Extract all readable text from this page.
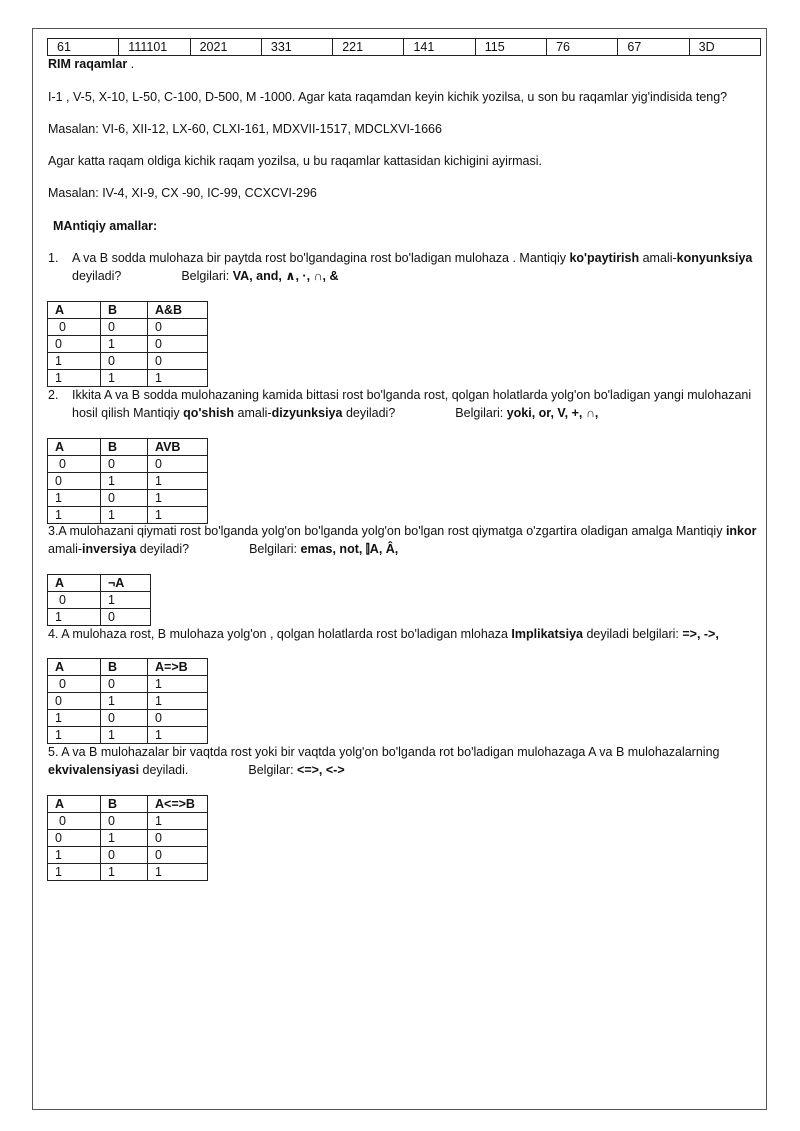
61	111101	2021	331	221	141	115	76	67	3D

RIM raqamlar .

I-1 , V-5, X-10, L-50, C-100, D-500, M -1000. Agar kata raqamdan keyin kichik yozilsa, u son bu raqamlar yig'indisida teng?

Masalan: VI-6, XII-12, LX-60, CLXI-161, MDXVII-1517, MDCLXVI-1666

Agar katta raqam oldiga kichik raqam yozilsa, u bu raqamlar kattasidan kichigini ayirmasi.

Masalan: IV-4, XI-9, CX -90, IC-99, CCXCVI-296

MAntiqiy amallar:

1. A va B sodda mulohaza bir paytda rost bo'lgandagina rost bo'ladigan mulohaza . Mantiqiy ko'paytirish amali-konyunksiya
deyiladi?	Belgilari: VA, and, ∧, ·, ∩, &
A	B	A&B
0	0	0
0	1	0
1	0	0
1	1	1
2. Ikkita A va B sodda mulohazaning kamida bittasi rost bo'lganda rost, qolgan holatlarda yolg'on bo'ladigan yangi mulohazani hosil qilish Mantiqiy qo'shish amali-dizyunksiya deyiladi?	Belgilari: yoki, or, V, +, ∩,
A	B	AVB
0	0	0
0	1	1
1	0	1
1	1	1
3.A mulohazani qiymati rost bo'lganda yolg'on bo'lganda yolg'on bo'lgan rost qiymatga o'zgartira oladigan amalga Mantiqiy inkor amali-inversiya deyiladi?	Belgilari: emas, not, ⫿A, Â,
A	¬A
0	1
1	0

4. A mulohaza rost, B mulohaza yolg'on , qolgan holatlarda rost bo'ladigan mlohaza Implikatsiya deyiladi belgilari: =>, ->,

A	B	A=>B
0	0	1
0	1	1
1	0	0
1	1	1
5. A va B mulohazalar bir vaqtda rost yoki bir vaqtda yolg'on bo'lganda rot bo'ladigan mulohazaga A va B mulohazalarning
ekvivalensiyasi deyiladi.	Belgilar: <=>, <->
A	B	A<=>B
0	0	1
0	1	0
1	0	0
1	1	1
